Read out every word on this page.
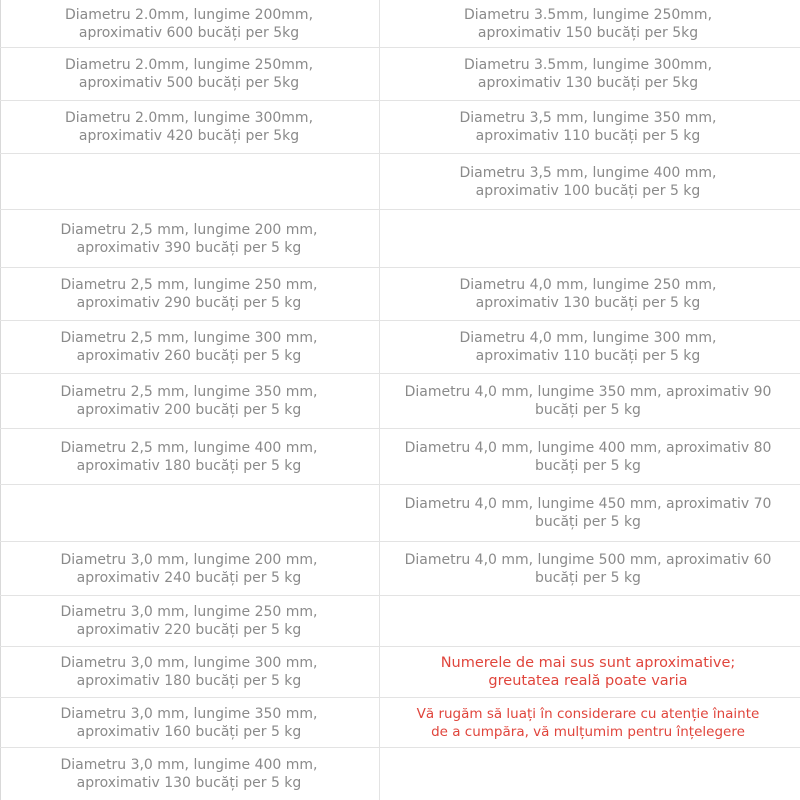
Diametru 2.0mm, lungime 200mm,
aproximativ 600 bucăți per 5kg
Diametru 3.5mm, lungime 250mm,
aproximativ 150 bucăți per 5kg
Diametru 2.0mm, lungime 250mm,
aproximativ 500 bucăți per 5kg
Diametru 3.5mm, lungime 300mm,
aproximativ 130 bucăți per 5kg
Diametru 2.0mm, lungime 300mm,
aproximativ 420 bucăți per 5kg
Diametru 3,5 mm, lungime 350 mm,
aproximativ 110 bucăți per 5 kg
Diametru 3,5 mm, lungime 400 mm,
aproximativ 100 bucăți per 5 kg
Diametru 2,5 mm, lungime 200 mm,
aproximativ 390 bucăți per 5 kg
Diametru 2,5 mm, lungime 250 mm,
aproximativ 290 bucăți per 5 kg
Diametru 4,0 mm, lungime 250 mm,
aproximativ 130 bucăți per 5 kg
Diametru 2,5 mm, lungime 300 mm,
aproximativ 260 bucăți per 5 kg
Diametru 4,0 mm, lungime 300 mm,
aproximativ 110 bucăți per 5 kg
Diametru 2,5 mm, lungime 350 mm,
aproximativ 200 bucăți per 5 kg
Diametru 4,0 mm, lungime 350 mm, aproximativ 90
bucăți per 5 kg
Diametru 2,5 mm, lungime 400 mm,
aproximativ 180 bucăți per 5 kg
Diametru 4,0 mm, lungime 400 mm, aproximativ 80
bucăți per 5 kg
Diametru 4,0 mm, lungime 450 mm, aproximativ 70
bucăți per 5 kg
Diametru 3,0 mm, lungime 200 mm,
aproximativ 240 bucăți per 5 kg
Diametru 4,0 mm, lungime 500 mm, aproximativ 60
bucăți per 5 kg
Diametru 3,0 mm, lungime 250 mm,
aproximativ 220 bucăți per 5 kg
Diametru 3,0 mm, lungime 300 mm,
aproximativ 180 bucăți per 5 kg
Numerele de mai sus sunt aproximative;
greutatea reală poate varia
Diametru 3,0 mm, lungime 350 mm,
aproximativ 160 bucăți per 5 kg
Vă rugăm să luați în considerare cu atenție înainte
de a cumpăra, vă mulțumim pentru înțelegere
Diametru 3,0 mm, lungime 400 mm,
aproximativ 130 bucăți per 5 kg
